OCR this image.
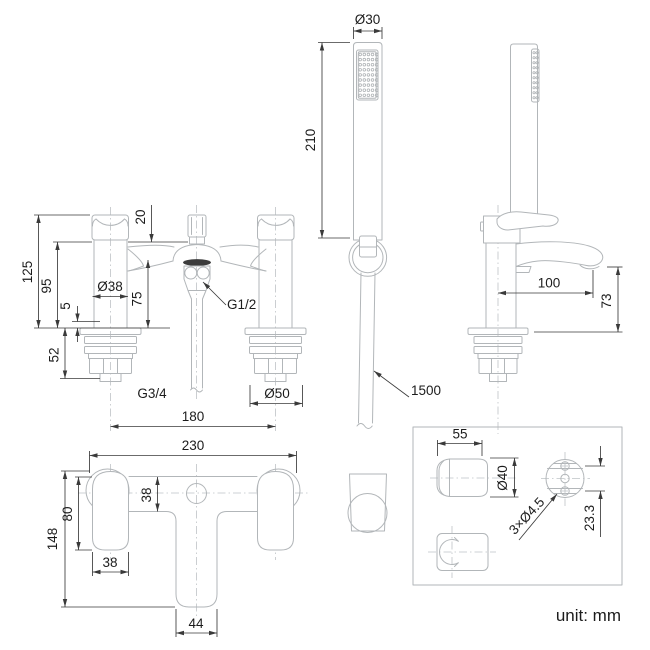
Ø30
210
1500
125
95
5
52
Ø38
75
20
G1/2
G3/4	Ø50
180
100
73
230
148
80
38
38
44
55
Ø40
3×Ø4.5	23.3
unit: mm
